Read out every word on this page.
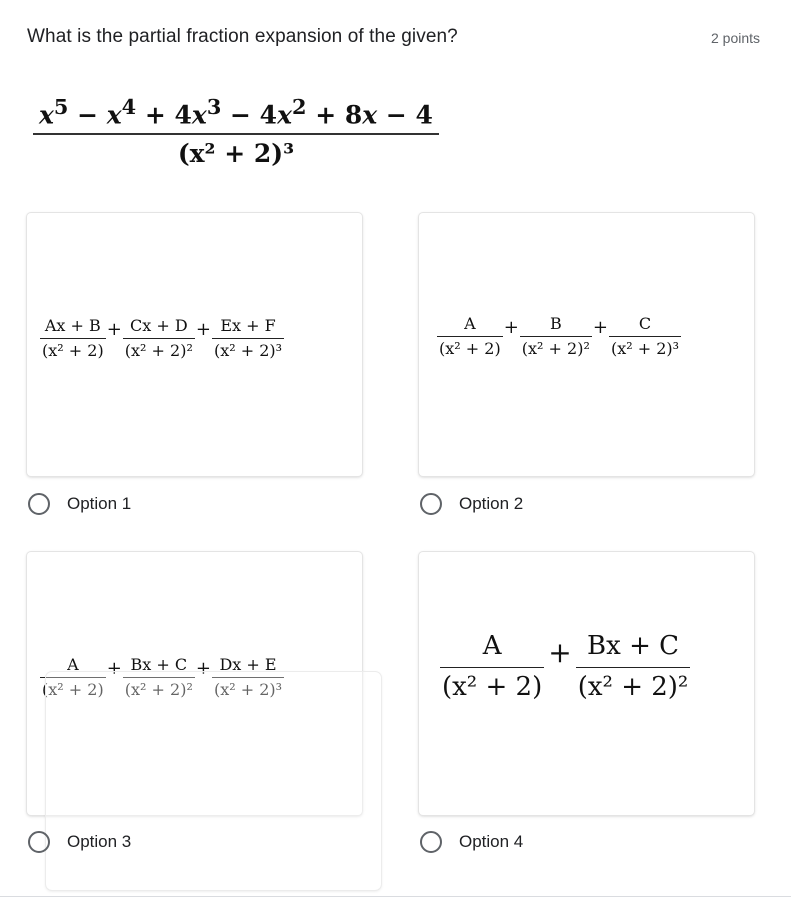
What is the partial fraction expansion of the given?	2 points
$\frac{x^5 - x^4 + 4x^3 - 4x^2 + 8x - 4}{\text{(x² + 2)³}}$
$\frac{Ax + B}{\text{(x² + 2)}} + \frac{Cx + D}{\text{(x² + 2)²}} + \frac{Ex + F}{\text{(x² + 2)³}}$	$\frac{A}{\text{(x² + 2)}} + \frac{B}{\text{(x² + 2)²}} + \frac{C}{\text{(x² + 2)³}}$
$\frac{A}{\text{(x² + 2)}} + \frac{Bx + C}{\text{(x² + 2)²}} + \frac{Dx + E}{\text{(x² + 2)³}}$	$\frac{A}{\text{(x² + 2)}} + \frac{Bx + C}{\text{(x² + 2)²}}$
Option 1	Option 2
Option 3	Option 4
